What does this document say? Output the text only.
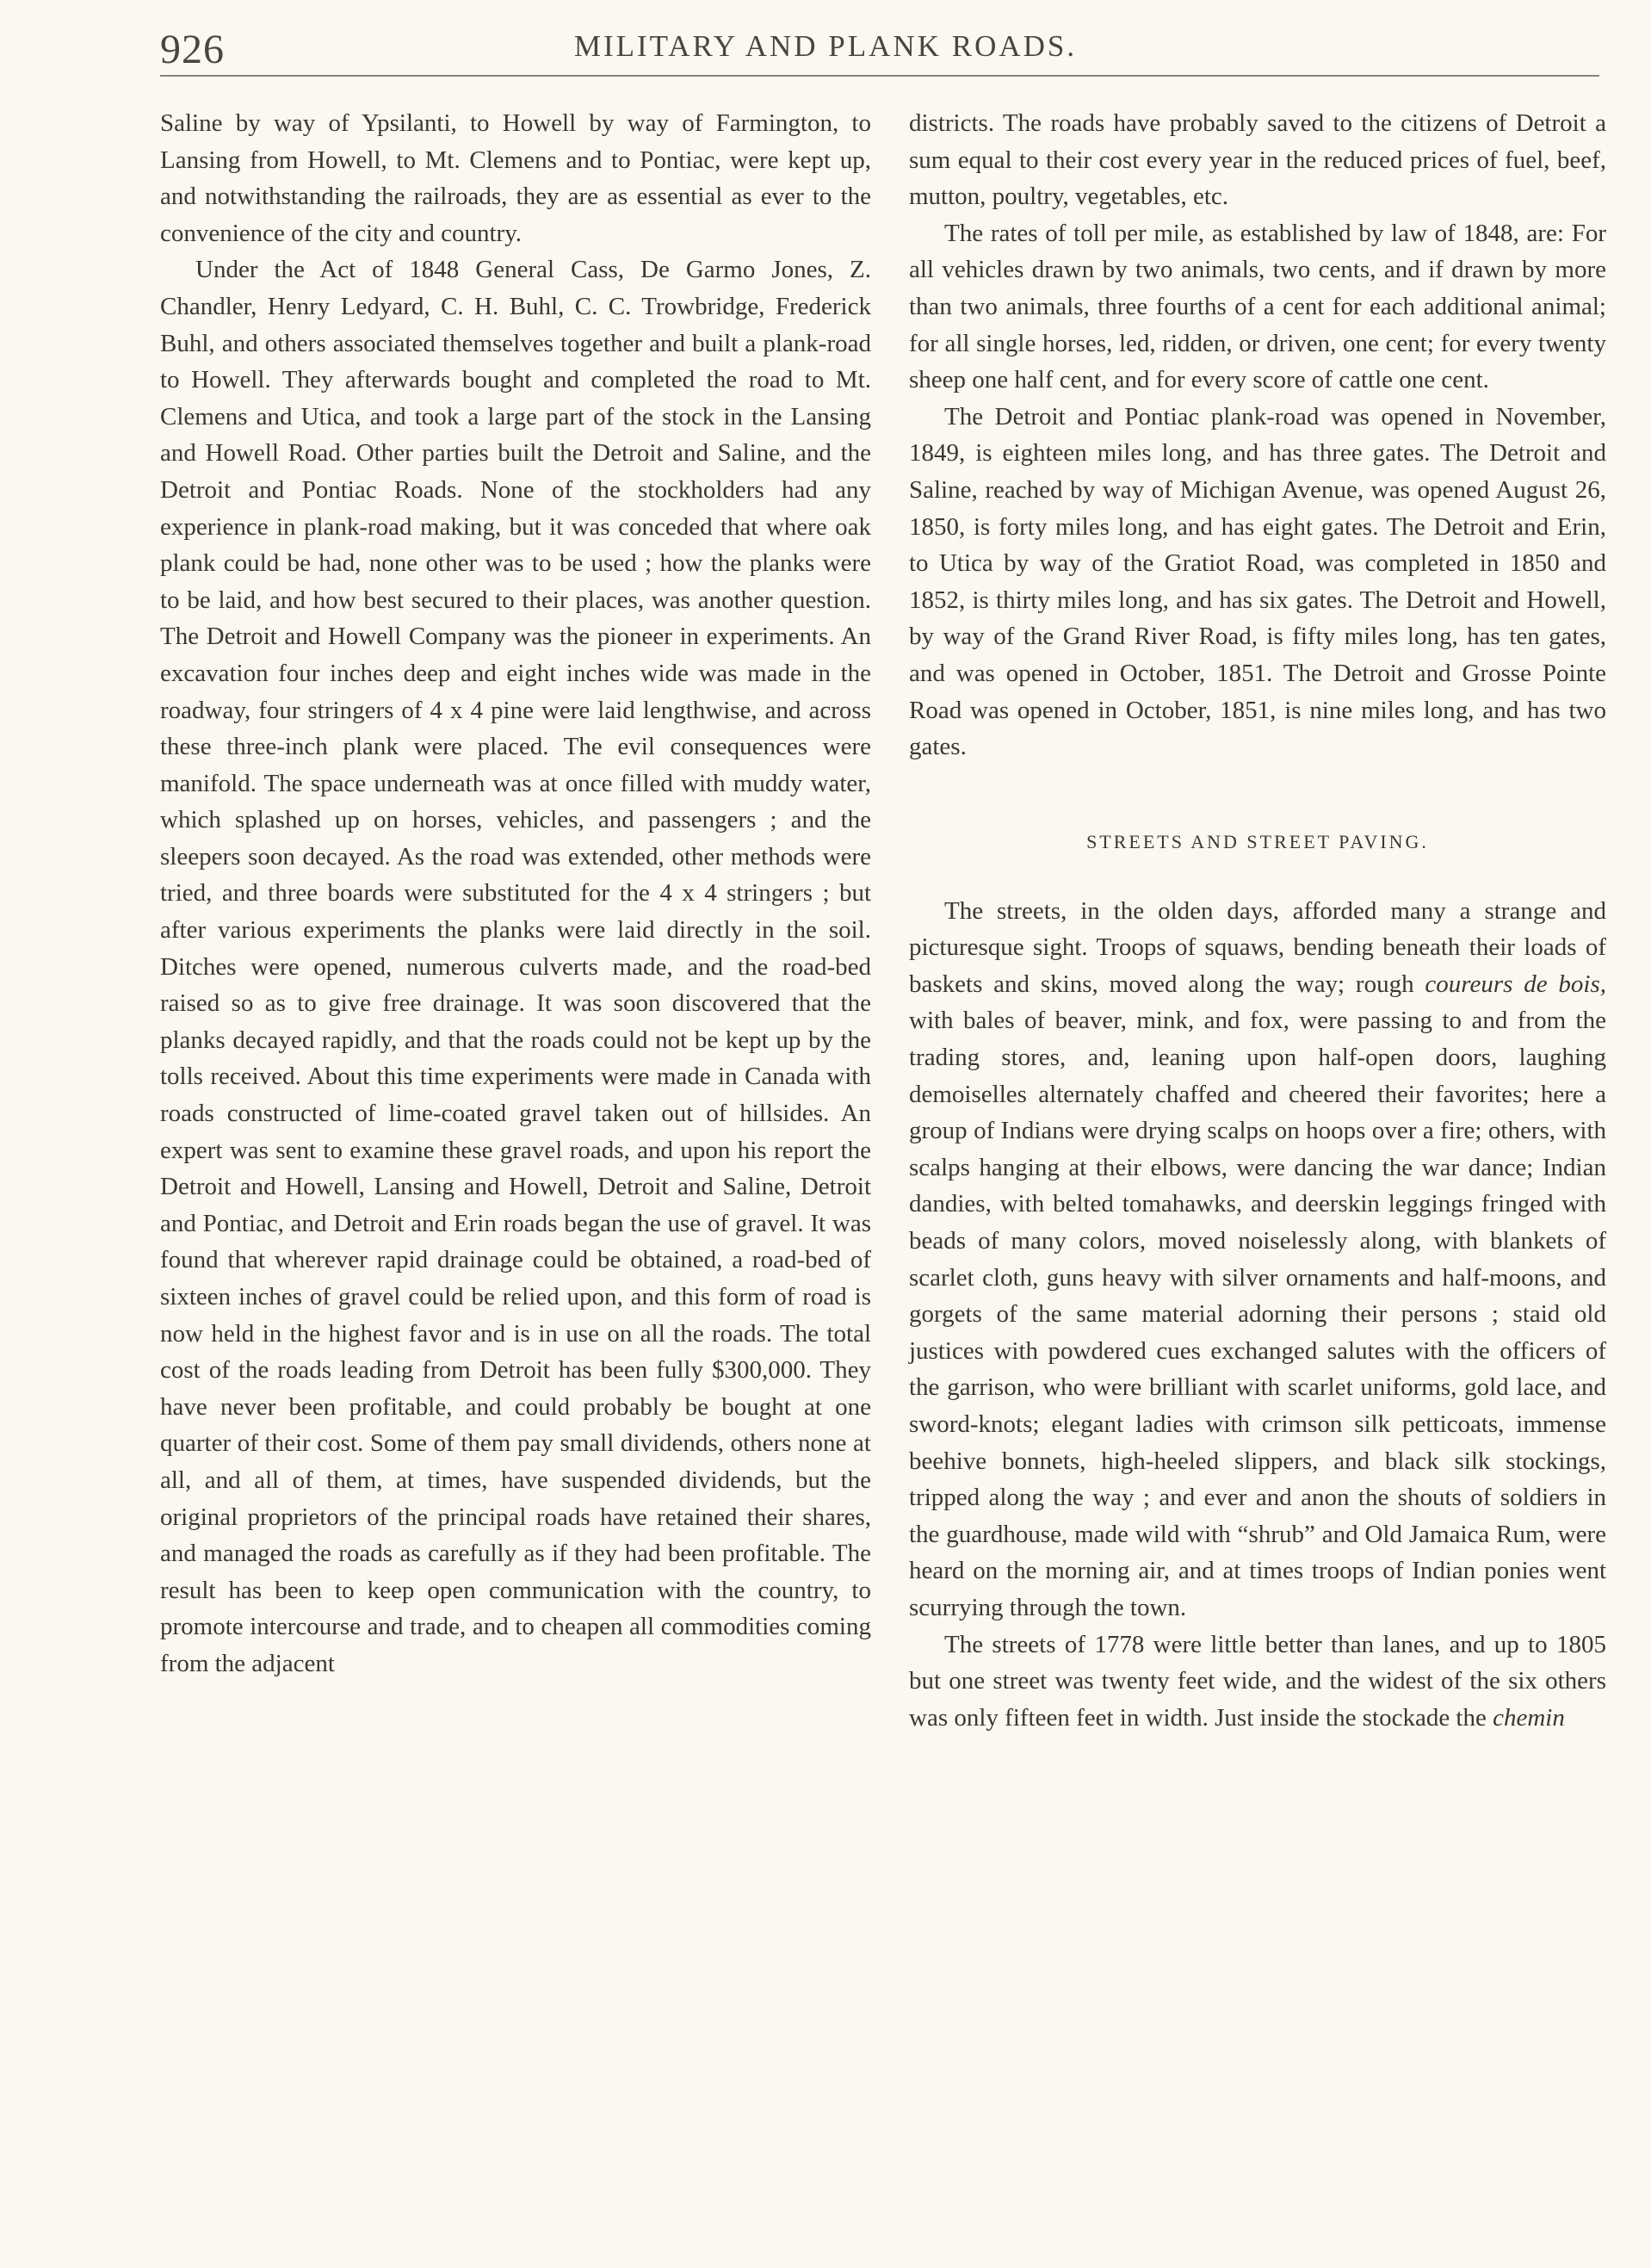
926	MILITARY AND PLANK ROADS.

Saline by way of Ypsilanti, to Howell by way of Farmington, to Lansing from Howell, to Mt. Clemens and to Pontiac, were kept up, and notwithstanding the railroads, they are as essential as ever to the convenience of the city and country.

Under the Act of 1848 General Cass, De Garmo Jones, Z. Chandler, Henry Ledyard, C. H. Buhl, C. C. Trowbridge, Frederick Buhl, and others associated themselves together and built a plank-road to Howell. They afterwards bought and completed the road to Mt. Clemens and Utica, and took a large part of the stock in the Lansing and Howell Road. Other parties built the Detroit and Saline, and the Detroit and Pontiac Roads. None of the stockholders had any experience in plank-road making, but it was conceded that where oak plank could be had, none other was to be used ; how the planks were to be laid, and how best secured to their places, was another question. The Detroit and Howell Company was the pioneer in experiments. An excavation four inches deep and eight inches wide was made in the roadway, four stringers of 4 x 4 pine were laid lengthwise, and across these three-inch plank were placed. The evil consequences were manifold. The space underneath was at once filled with muddy water, which splashed up on horses, vehicles, and passengers ; and the sleepers soon decayed. As the road was extended, other methods were tried, and three boards were substituted for the 4 x 4 stringers ; but after various experiments the planks were laid directly in the soil. Ditches were opened, numerous culverts made, and the road-bed raised so as to give free drainage. It was soon discovered that the planks decayed rapidly, and that the roads could not be kept up by the tolls received. About this time experiments were made in Canada with roads constructed of lime-coated gravel taken out of hillsides. An expert was sent to examine these gravel roads, and upon his report the Detroit and Howell, Lansing and Howell, Detroit and Saline, Detroit and Pontiac, and Detroit and Erin roads began the use of gravel. It was found that wherever rapid drainage could be obtained, a road-bed of sixteen inches of gravel could be relied upon, and this form of road is now held in the highest favor and is in use on all the roads. The total cost of the roads leading from Detroit has been fully $300,000. They have never been profitable, and could probably be bought at one quarter of their cost. Some of them pay small dividends, others none at all, and all of them, at times, have suspended dividends, but the original proprietors of the principal roads have retained their shares, and managed the roads as carefully as if they had been profitable. The result has been to keep open communication with the country, to promote intercourse and trade, and to cheapen all commodities coming from the adjacent

districts. The roads have probably saved to the citizens of Detroit a sum equal to their cost every year in the reduced prices of fuel, beef, mutton, poultry, vegetables, etc.

The rates of toll per mile, as established by law of 1848, are: For all vehicles drawn by two animals, two cents, and if drawn by more than two animals, three fourths of a cent for each additional animal; for all single horses, led, ridden, or driven, one cent; for every twenty sheep one half cent, and for every score of cattle one cent.

The Detroit and Pontiac plank-road was opened in November, 1849, is eighteen miles long, and has three gates. The Detroit and Saline, reached by way of Michigan Avenue, was opened August 26, 1850, is forty miles long, and has eight gates. The Detroit and Erin, to Utica by way of the Gratiot Road, was completed in 1850 and 1852, is thirty miles long, and has six gates. The Detroit and Howell, by way of the Grand River Road, is fifty miles long, has ten gates, and was opened in October, 1851. The Detroit and Grosse Pointe Road was opened in October, 1851, is nine miles long, and has two gates.

STREETS AND STREET PAVING.

The streets, in the olden days, afforded many a strange and picturesque sight. Troops of squaws, bending beneath their loads of baskets and skins, moved along the way; rough coureurs de bois, with bales of beaver, mink, and fox, were passing to and from the trading stores, and, leaning upon half-open doors, laughing demoiselles alternately chaffed and cheered their favorites; here a group of Indians were drying scalps on hoops over a fire; others, with scalps hanging at their elbows, were dancing the war dance; Indian dandies, with belted tomahawks, and deerskin leggings fringed with beads of many colors, moved noiselessly along, with blankets of scarlet cloth, guns heavy with silver ornaments and half-moons, and gorgets of the same material adorning their persons ; staid old justices with powdered cues exchanged salutes with the officers of the garrison, who were brilliant with scarlet uniforms, gold lace, and sword-knots; elegant ladies with crimson silk petticoats, immense beehive bonnets, high-heeled slippers, and black silk stockings, tripped along the way ; and ever and anon the shouts of soldiers in the guardhouse, made wild with “shrub” and Old Jamaica Rum, were heard on the morning air, and at times troops of Indian ponies went scurrying through the town.

The streets of 1778 were little better than lanes, and up to 1805 but one street was twenty feet wide, and the widest of the six others was only fifteen feet in width. Just inside the stockade the chemin
